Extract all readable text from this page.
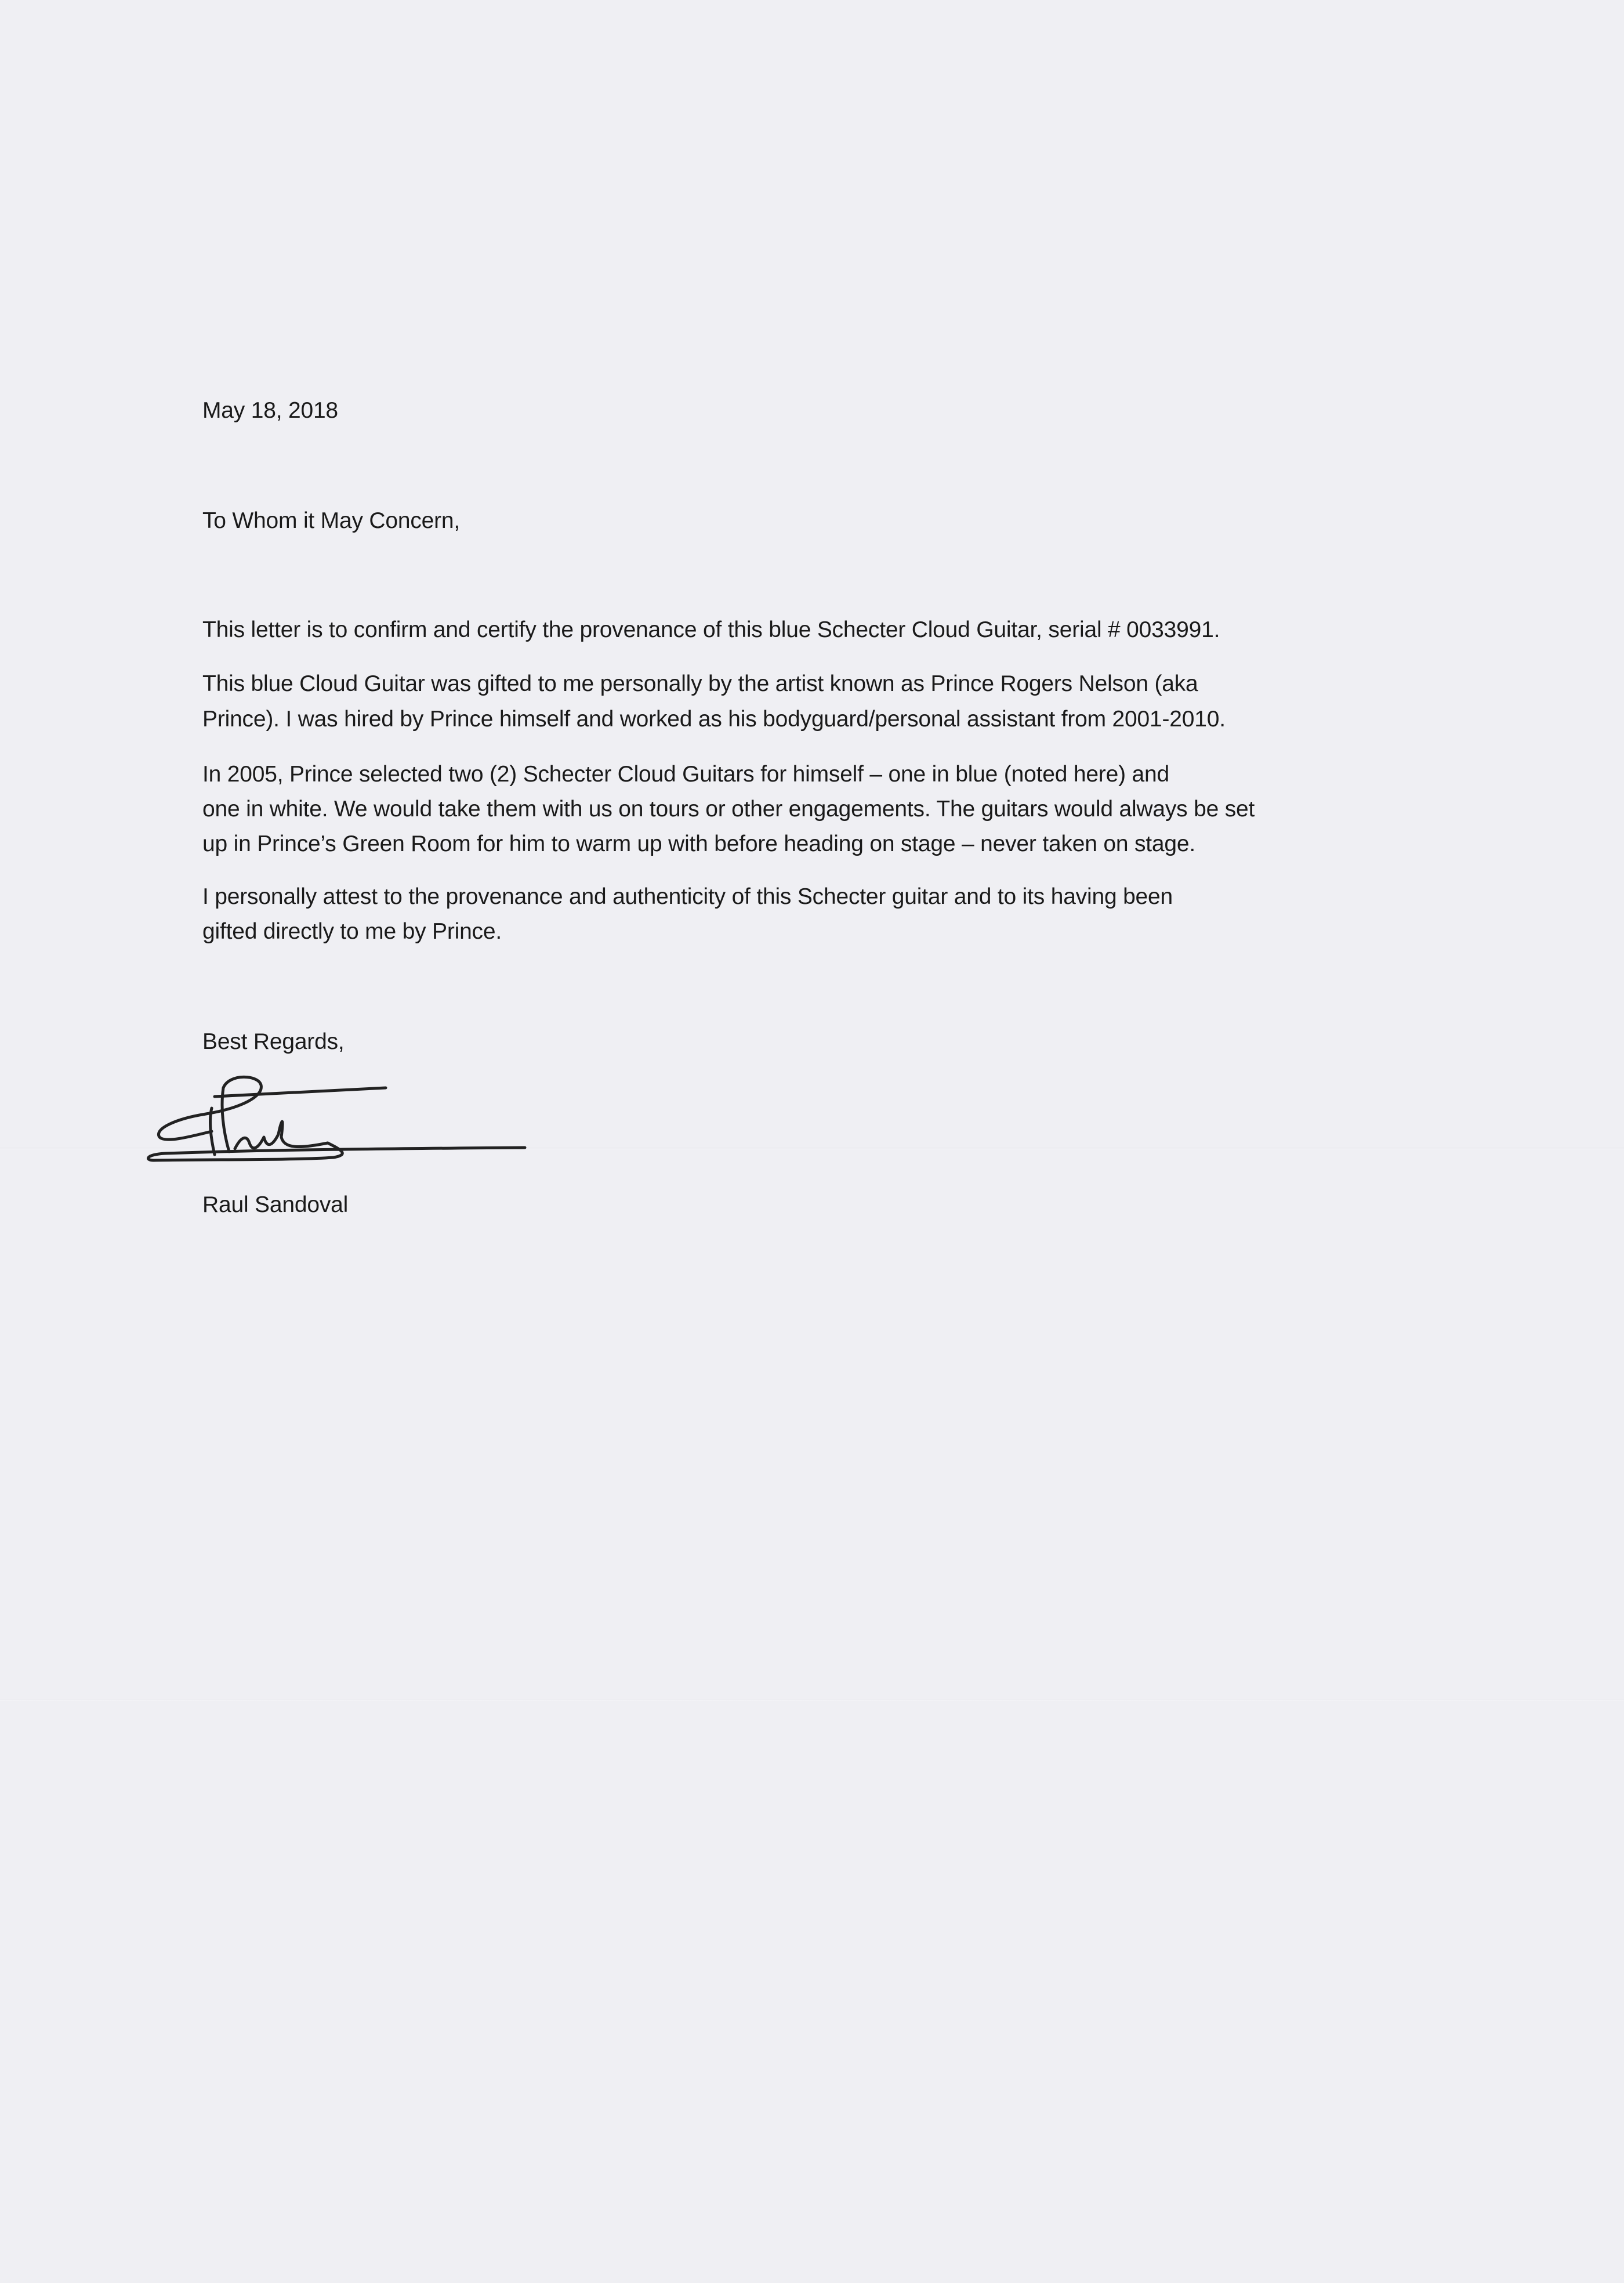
May 18, 2018
To Whom it May Concern,
This letter is to confirm and certify the provenance of this blue Schecter Cloud Guitar, serial # 0033991.
This blue Cloud Guitar was gifted to me personally by the artist known as Prince Rogers Nelson (aka
Prince). I was hired by Prince himself and worked as his bodyguard/personal assistant from 2001-2010.
In 2005, Prince selected two (2) Schecter Cloud Guitars for himself – one in blue (noted here) and
one in white. We would take them with us on tours or other engagements. The guitars would always be set
up in Prince’s Green Room for him to warm up with before heading on stage – never taken on stage.
I personally attest to the provenance and authenticity of this Schecter guitar and to its having been
gifted directly to me by Prince.
Best Regards,
Raul Sandoval
